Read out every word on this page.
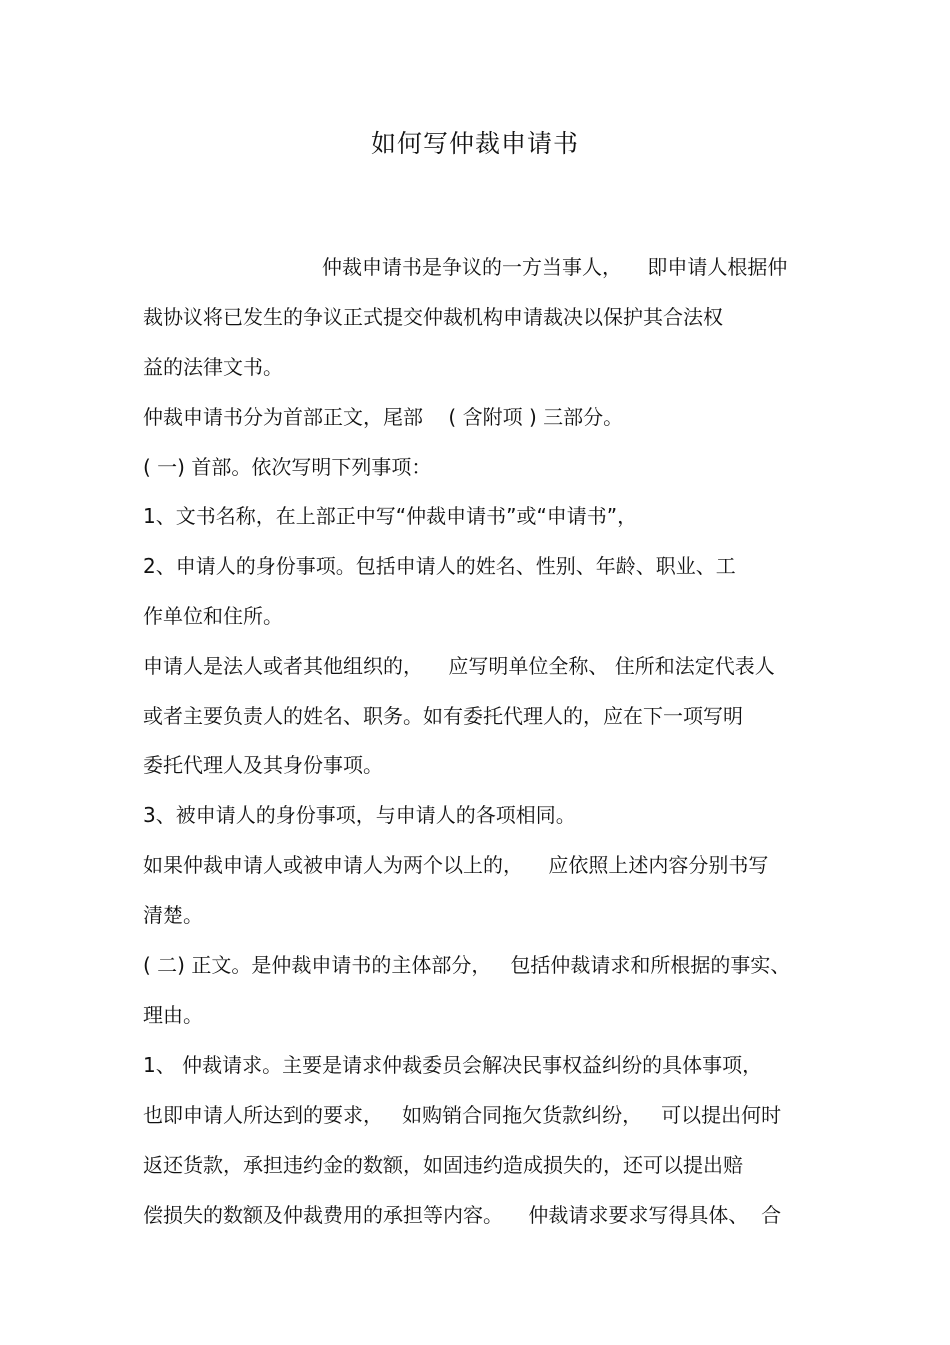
如何写仲裁申请书
仲裁申请书是争议的一方当事人，    即申请人根据仲
裁协议将已发生的争议正式提交仲裁机构申请裁决以保护其合法权
益的法律文书。
仲裁申请书分为首部正文，尾部    ( 含附项 ) 三部分。
( 一) 首部。依次写明下列事项：
1、文书名称，在上部正中写“仲裁申请书”或“申请书”，
2、申请人的身份事项。包括申请人的姓名、性别、年龄、职业、工
作单位和住所。
申请人是法人或者其他组织的，    应写明单位全称、 住所和法定代表人
或者主要负责人的姓名、职务。如有委托代理人的，应在下一项写明
委托代理人及其身份事项。
3、被申请人的身份事项，与申请人的各项相同。
如果仲裁申请人或被申请人为两个以上的，    应依照上述内容分别书写
清楚。
( 二) 正文。是仲裁申请书的主体部分，   包括仲裁请求和所根据的事实、
理由。
1、 仲裁请求。主要是请求仲裁委员会解决民事权益纠纷的具体事项，
也即申请人所达到的要求，   如购销合同拖欠货款纠纷，   可以提出何时
返还货款，承担违约金的数额，如固违约造成损失的，还可以提出赔
偿损失的数额及仲裁费用的承担等内容。    仲裁请求要求写得具体、  合
